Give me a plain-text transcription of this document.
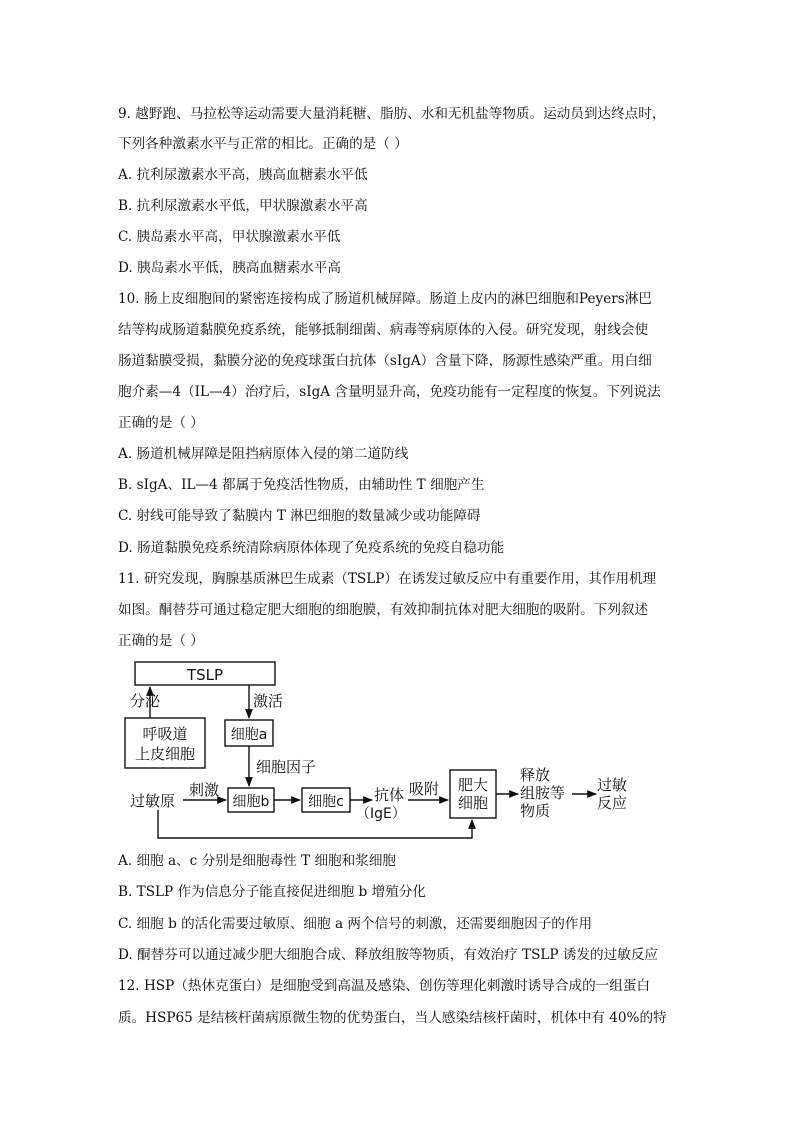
9. 越野跑、马拉松等运动需要大量消耗糖、脂肪、水和无机盐等物质。运动员到达终点时，
下列各种激素水平与正常的相比。正确的是（ ）
A. 抗利尿激素水平高，胰高血糖素水平低
B. 抗利尿激素水平低，甲状腺激素水平高
C. 胰岛素水平高，甲状腺激素水平低
D. 胰岛素水平低，胰高血糖素水平高
10. 肠上皮细胞间的紧密连接构成了肠道机械屏障。肠道上皮内的淋巴细胞和Peyers淋巴
结等构成肠道黏膜免疫系统，能够抵制细菌、病毒等病原体的入侵。研究发现，射线会使
肠道黏膜受损，黏膜分泌的免疫球蛋白抗体（sIgA）含量下降，肠源性感染严重。用白细
胞介素—4（IL—4）治疗后，sIgA 含量明显升高，免疫功能有一定程度的恢复。下列说法
正确的是（ ）
A. 肠道机械屏障是阻挡病原体入侵的第二道防线
B. sIgA、IL—4 都属于免疫活性物质，由辅助性 T 细胞产生
C. 射线可能导致了黏膜内 T 淋巴细胞的数量减少或功能障碍
D. 肠道黏膜免疫系统清除病原体体现了免疫系统的免疫自稳功能
11. 研究发现，胸腺基质淋巴生成素（TSLP）在诱发过敏反应中有重要作用，其作用机理
如图。酮替芬可通过稳定肥大细胞的细胞膜，有效抑制抗体对肥大细胞的吸附。下列叙述
正确的是（ ）
TSLP
分泌	激活
呼吸道
上皮细胞
细胞a
细胞因子
过敏原
刺激
细胞b	细胞c 抗体
（IgE）
吸附 肥大
细胞
释放
组胺等
物质
过敏
反应
A. 细胞 a、c 分别是细胞毒性 T 细胞和浆细胞
B. TSLP 作为信息分子能直接促进细胞 b 增殖分化
C. 细胞 b 的活化需要过敏原、细胞 a 两个信号的刺激，还需要细胞因子的作用
D. 酮替芬可以通过减少肥大细胞合成、释放组胺等物质，有效治疗 TSLP 诱发的过敏反应
12. HSP（热休克蛋白）是细胞受到高温及感染、创伤等理化刺激时诱导合成的一组蛋白
质。HSP65 是结核杆菌病原微生物的优势蛋白，当人感染结核杆菌时，机体中有 40%的特
